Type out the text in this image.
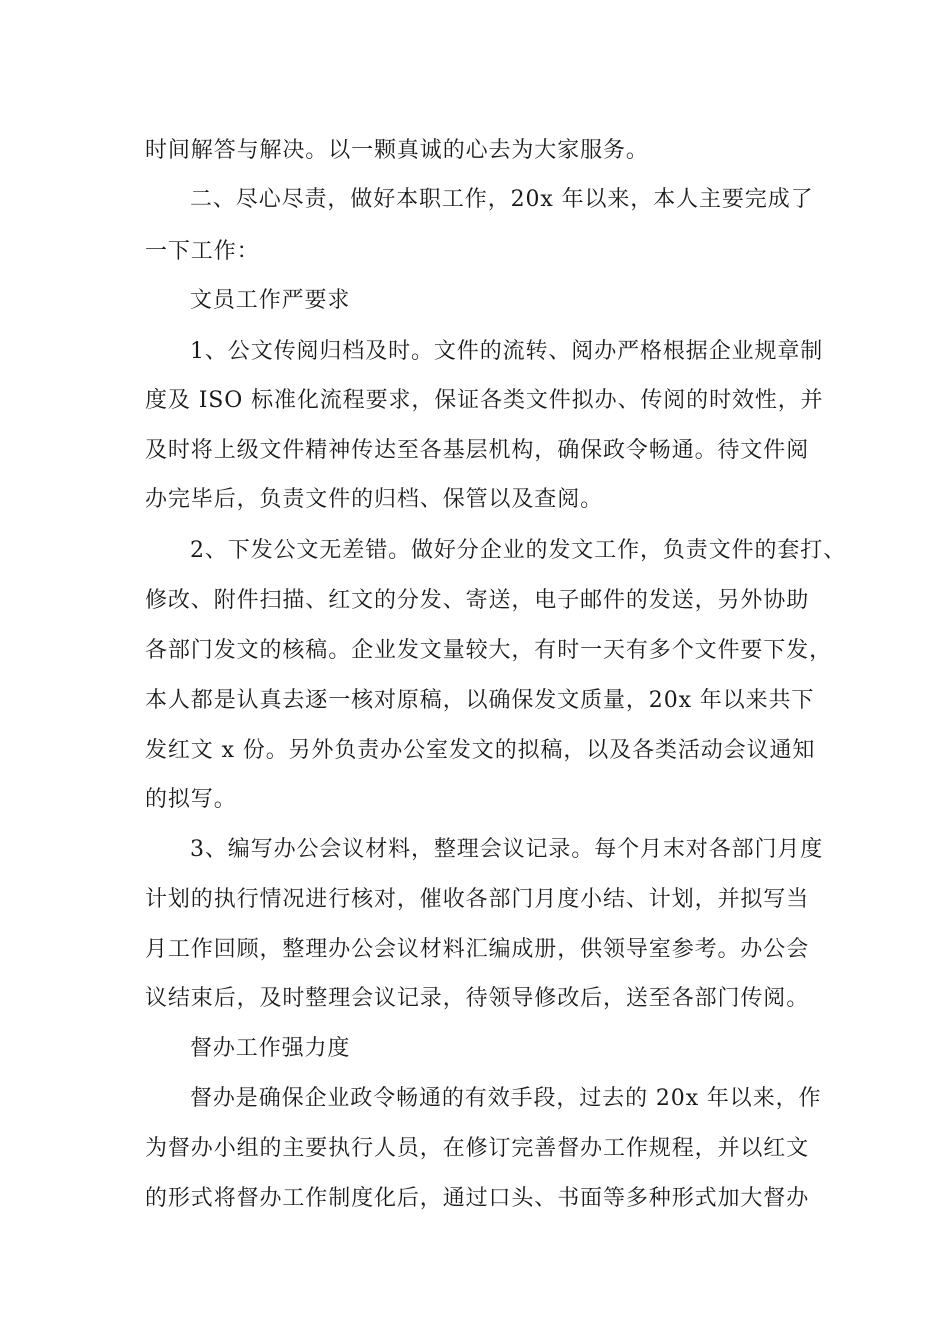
时间解答与解决。以一颗真诚的心去为大家服务。
二、尽心尽责，做好本职工作，20x 年以来，本人主要完成了
一下工作：
文员工作严要求
1、公文传阅归档及时。文件的流转、阅办严格根据企业规章制
度及 ISO 标准化流程要求，保证各类文件拟办、传阅的时效性，并
及时将上级文件精神传达至各基层机构，确保政令畅通。待文件阅
办完毕后，负责文件的归档、保管以及查阅。
2、下发公文无差错。做好分企业的发文工作，负责文件的套打、
修改、附件扫描、红文的分发、寄送，电子邮件的发送，另外协助
各部门发文的核稿。企业发文量较大，有时一天有多个文件要下发，
本人都是认真去逐一核对原稿，以确保发文质量，20x 年以来共下
发红文 x 份。另外负责办公室发文的拟稿，以及各类活动会议通知
的拟写。
3、编写办公会议材料，整理会议记录。每个月末对各部门月度
计划的执行情况进行核对，催收各部门月度小结、计划，并拟写当
月工作回顾，整理办公会议材料汇编成册，供领导室参考。办公会
议结束后，及时整理会议记录，待领导修改后，送至各部门传阅。
督办工作强力度
督办是确保企业政令畅通的有效手段，过去的 20x 年以来，作
为督办小组的主要执行人员，在修订完善督办工作规程，并以红文
的形式将督办工作制度化后，通过口头、书面等多种形式加大督办
